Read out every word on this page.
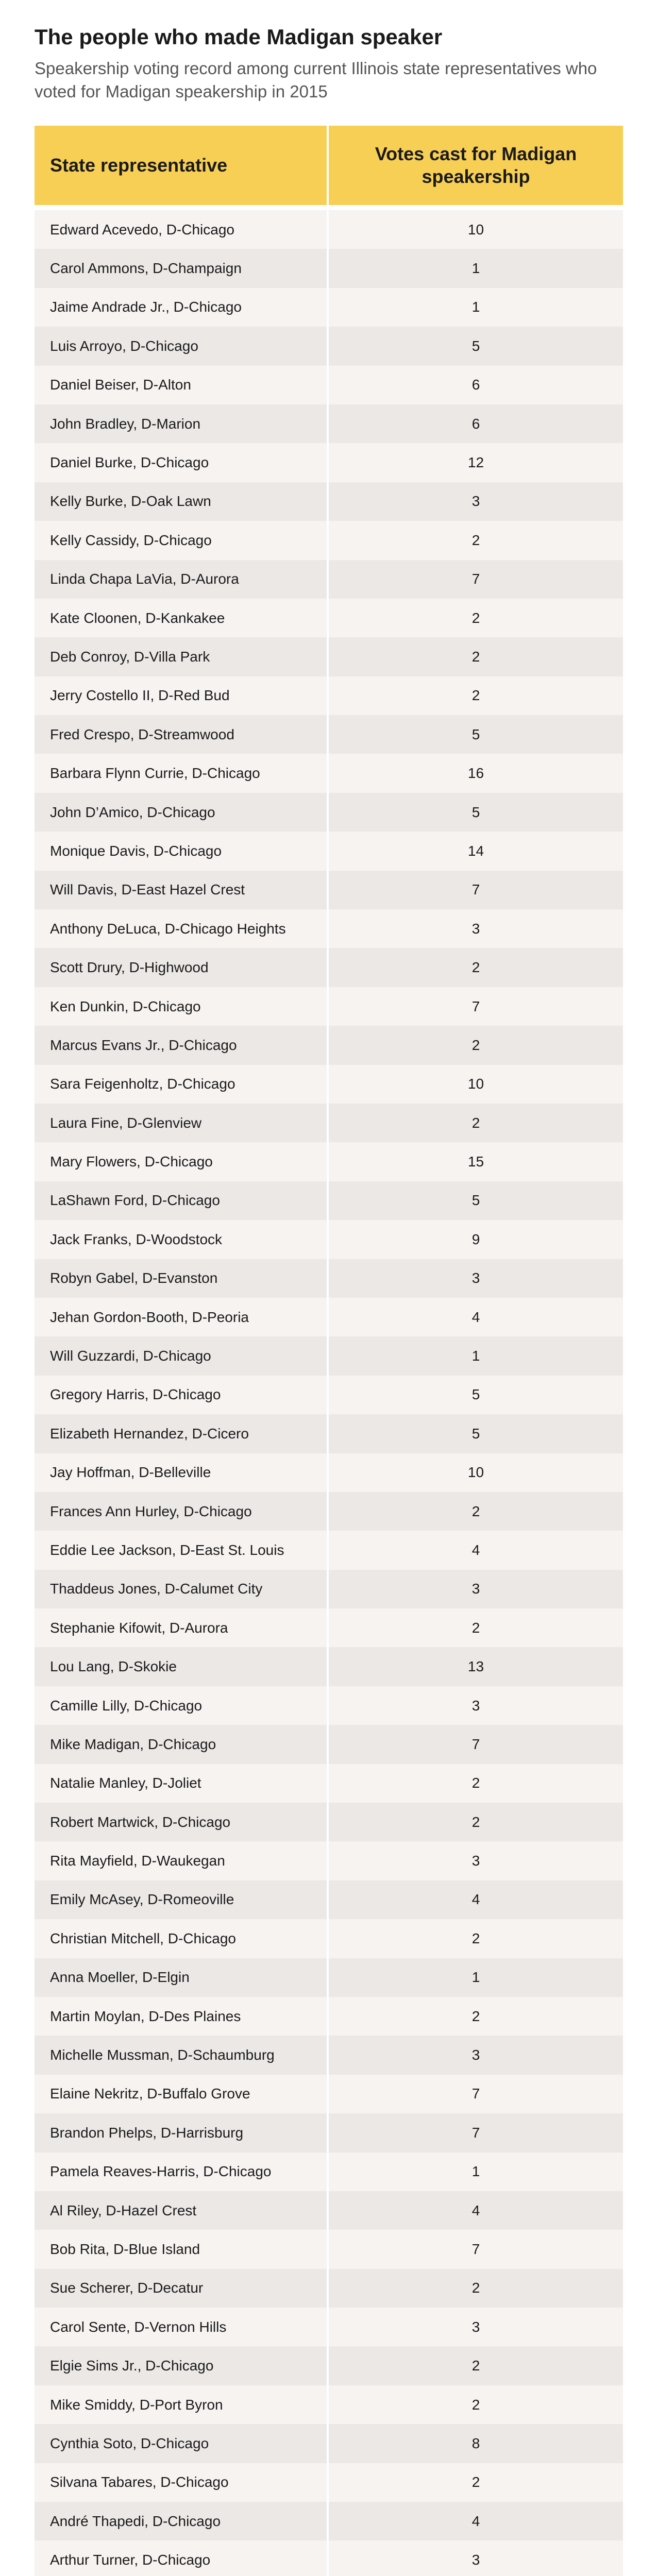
The people who made Madigan speaker

Speakership voting record among current Illinois state representatives who voted for Madigan speakership in 2015

State representative
Votes cast for Madigan speakership
Edward Acevedo, D-Chicago	10
Carol Ammons, D-Champaign	1
Jaime Andrade Jr., D-Chicago	1
Luis Arroyo, D-Chicago	5
Daniel Beiser, D-Alton	6
John Bradley, D-Marion	6
Daniel Burke, D-Chicago	12
Kelly Burke, D-Oak Lawn	3
Kelly Cassidy, D-Chicago	2
Linda Chapa LaVia, D-Aurora	7
Kate Cloonen, D-Kankakee	2
Deb Conroy, D-Villa Park	2
Jerry Costello II, D-Red Bud	2
Fred Crespo, D-Streamwood	5
Barbara Flynn Currie, D-Chicago	16
John D’Amico, D-Chicago	5
Monique Davis, D-Chicago	14
Will Davis, D-East Hazel Crest	7
Anthony DeLuca, D-Chicago Heights	3
Scott Drury, D-Highwood	2
Ken Dunkin, D-Chicago	7
Marcus Evans Jr., D-Chicago	2
Sara Feigenholtz, D-Chicago	10
Laura Fine, D-Glenview	2
Mary Flowers, D-Chicago	15
LaShawn Ford, D-Chicago	5
Jack Franks, D-Woodstock	9
Robyn Gabel, D-Evanston	3
Jehan Gordon-Booth, D-Peoria	4
Will Guzzardi, D-Chicago	1
Gregory Harris, D-Chicago	5
Elizabeth Hernandez, D-Cicero	5
Jay Hoffman, D-Belleville	10
Frances Ann Hurley, D-Chicago	2
Eddie Lee Jackson, D-East St. Louis	4
Thaddeus Jones, D-Calumet City	3
Stephanie Kifowit, D-Aurora	2
Lou Lang, D-Skokie	13
Camille Lilly, D-Chicago	3
Mike Madigan, D-Chicago	7
Natalie Manley, D-Joliet	2
Robert Martwick, D-Chicago	2
Rita Mayfield, D-Waukegan	3
Emily McAsey, D-Romeoville	4
Christian Mitchell, D-Chicago	2
Anna Moeller, D-Elgin	1
Martin Moylan, D-Des Plaines	2
Michelle Mussman, D-Schaumburg	3
Elaine Nekritz, D-Buffalo Grove	7
Brandon Phelps, D-Harrisburg	7
Pamela Reaves-Harris, D-Chicago	1
Al Riley, D-Hazel Crest	4
Bob Rita, D-Blue Island	7
Sue Scherer, D-Decatur	2
Carol Sente, D-Vernon Hills	3
Elgie Sims Jr., D-Chicago	2
Mike Smiddy, D-Port Byron	2
Cynthia Soto, D-Chicago	8
Silvana Tabares, D-Chicago	2
André Thapedi, D-Chicago	4
Arthur Turner, D-Chicago	3
